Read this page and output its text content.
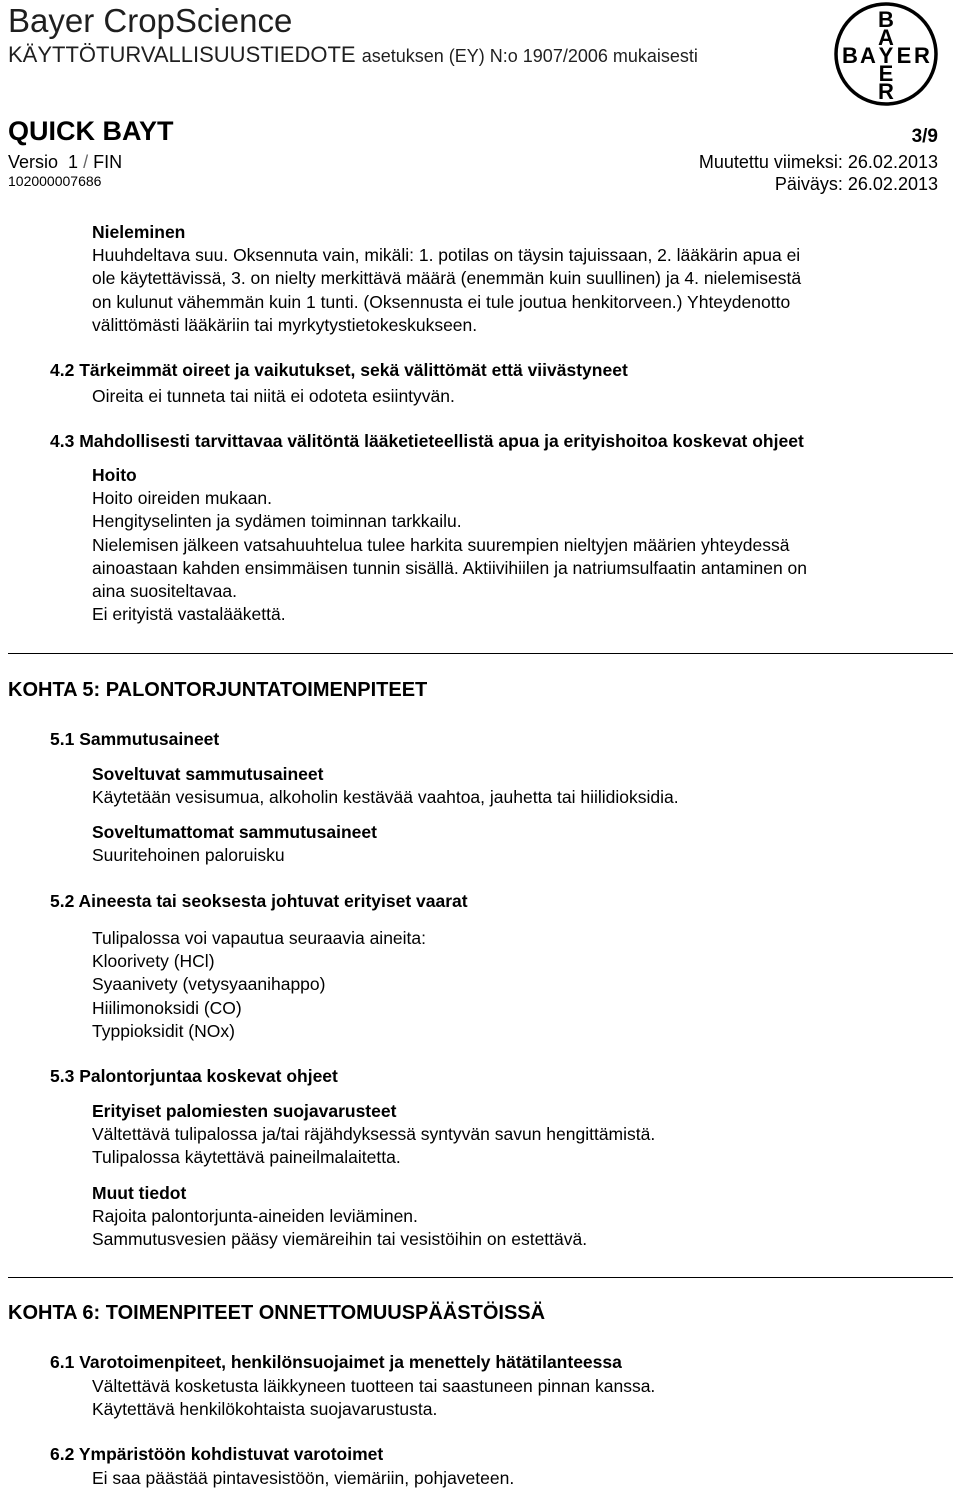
Bayer CropScience
KÄYTTÖTURVALLISUUSTIEDOTE asetuksen (EY) N:o 1907/2006 mukaisesti
QUICK BAYT	3/9
Versio 1 / FIN	Muutettu viimeksi: 26.02.2013
102000007686	Päiväys: 26.02.2013
B
A
B A Y E R
E
R
Nieleminen
Huuhdeltava suu. Oksennuta vain, mikäli: 1. potilas on täysin tajuissaan, 2. lääkärin apua ei
ole käytettävissä, 3. on nielty merkittävä määrä (enemmän kuin suullinen) ja 4. nielemisestä
on kulunut vähemmän kuin 1 tunti. (Oksennusta ei tule joutua henkitorveen.) Yhteydenotto
välittömästi lääkäriin tai myrkytystietokeskukseen.
4.2 Tärkeimmät oireet ja vaikutukset, sekä välittömät että viivästyneet
Oireita ei tunneta tai niitä ei odoteta esiintyvän.
4.3 Mahdollisesti tarvittavaa välitöntä lääketieteellistä apua ja erityishoitoa koskevat ohjeet
Hoito
Hoito oireiden mukaan.
Hengityselinten ja sydämen toiminnan tarkkailu.
Nielemisen jälkeen vatsahuuhtelua tulee harkita suurempien nieltyjen määrien yhteydessä
ainoastaan kahden ensimmäisen tunnin sisällä. Aktiivihiilen ja natriumsulfaatin antaminen on
aina suositeltavaa.
Ei erityistä vastalääkettä.
KOHTA 5: PALONTORJUNTATOIMENPITEET
5.1 Sammutusaineet
Soveltuvat sammutusaineet
Käytetään vesisumua, alkoholin kestävää vaahtoa, jauhetta tai hiilidioksidia.
Soveltumattomat sammutusaineet
Suuritehoinen paloruisku
5.2 Aineesta tai seoksesta johtuvat erityiset vaarat
Tulipalossa voi vapautua seuraavia aineita:
Kloorivety (HCl)
Syaanivety (vetysyaanihappo)
Hiilimonoksidi (CO)
Typpioksidit (NOx)
5.3 Palontorjuntaa koskevat ohjeet
Erityiset palomiesten suojavarusteet
Vältettävä tulipalossa ja/tai räjähdyksessä syntyvän savun hengittämistä.
Tulipalossa käytettävä paineilmalaitetta.
Muut tiedot
Rajoita palontorjunta-aineiden leviäminen.
Sammutusvesien pääsy viemäreihin tai vesistöihin on estettävä.
KOHTA 6: TOIMENPITEET ONNETTOMUUSPÄÄSTÖISSÄ
6.1 Varotoimenpiteet, henkilönsuojaimet ja menettely hätätilanteessa
Vältettävä kosketusta läikkyneen tuotteen tai saastuneen pinnan kanssa.
Käytettävä henkilökohtaista suojavarustusta.
6.2 Ympäristöön kohdistuvat varotoimet
Ei saa päästää pintavesistöön, viemäriin, pohjaveteen.
